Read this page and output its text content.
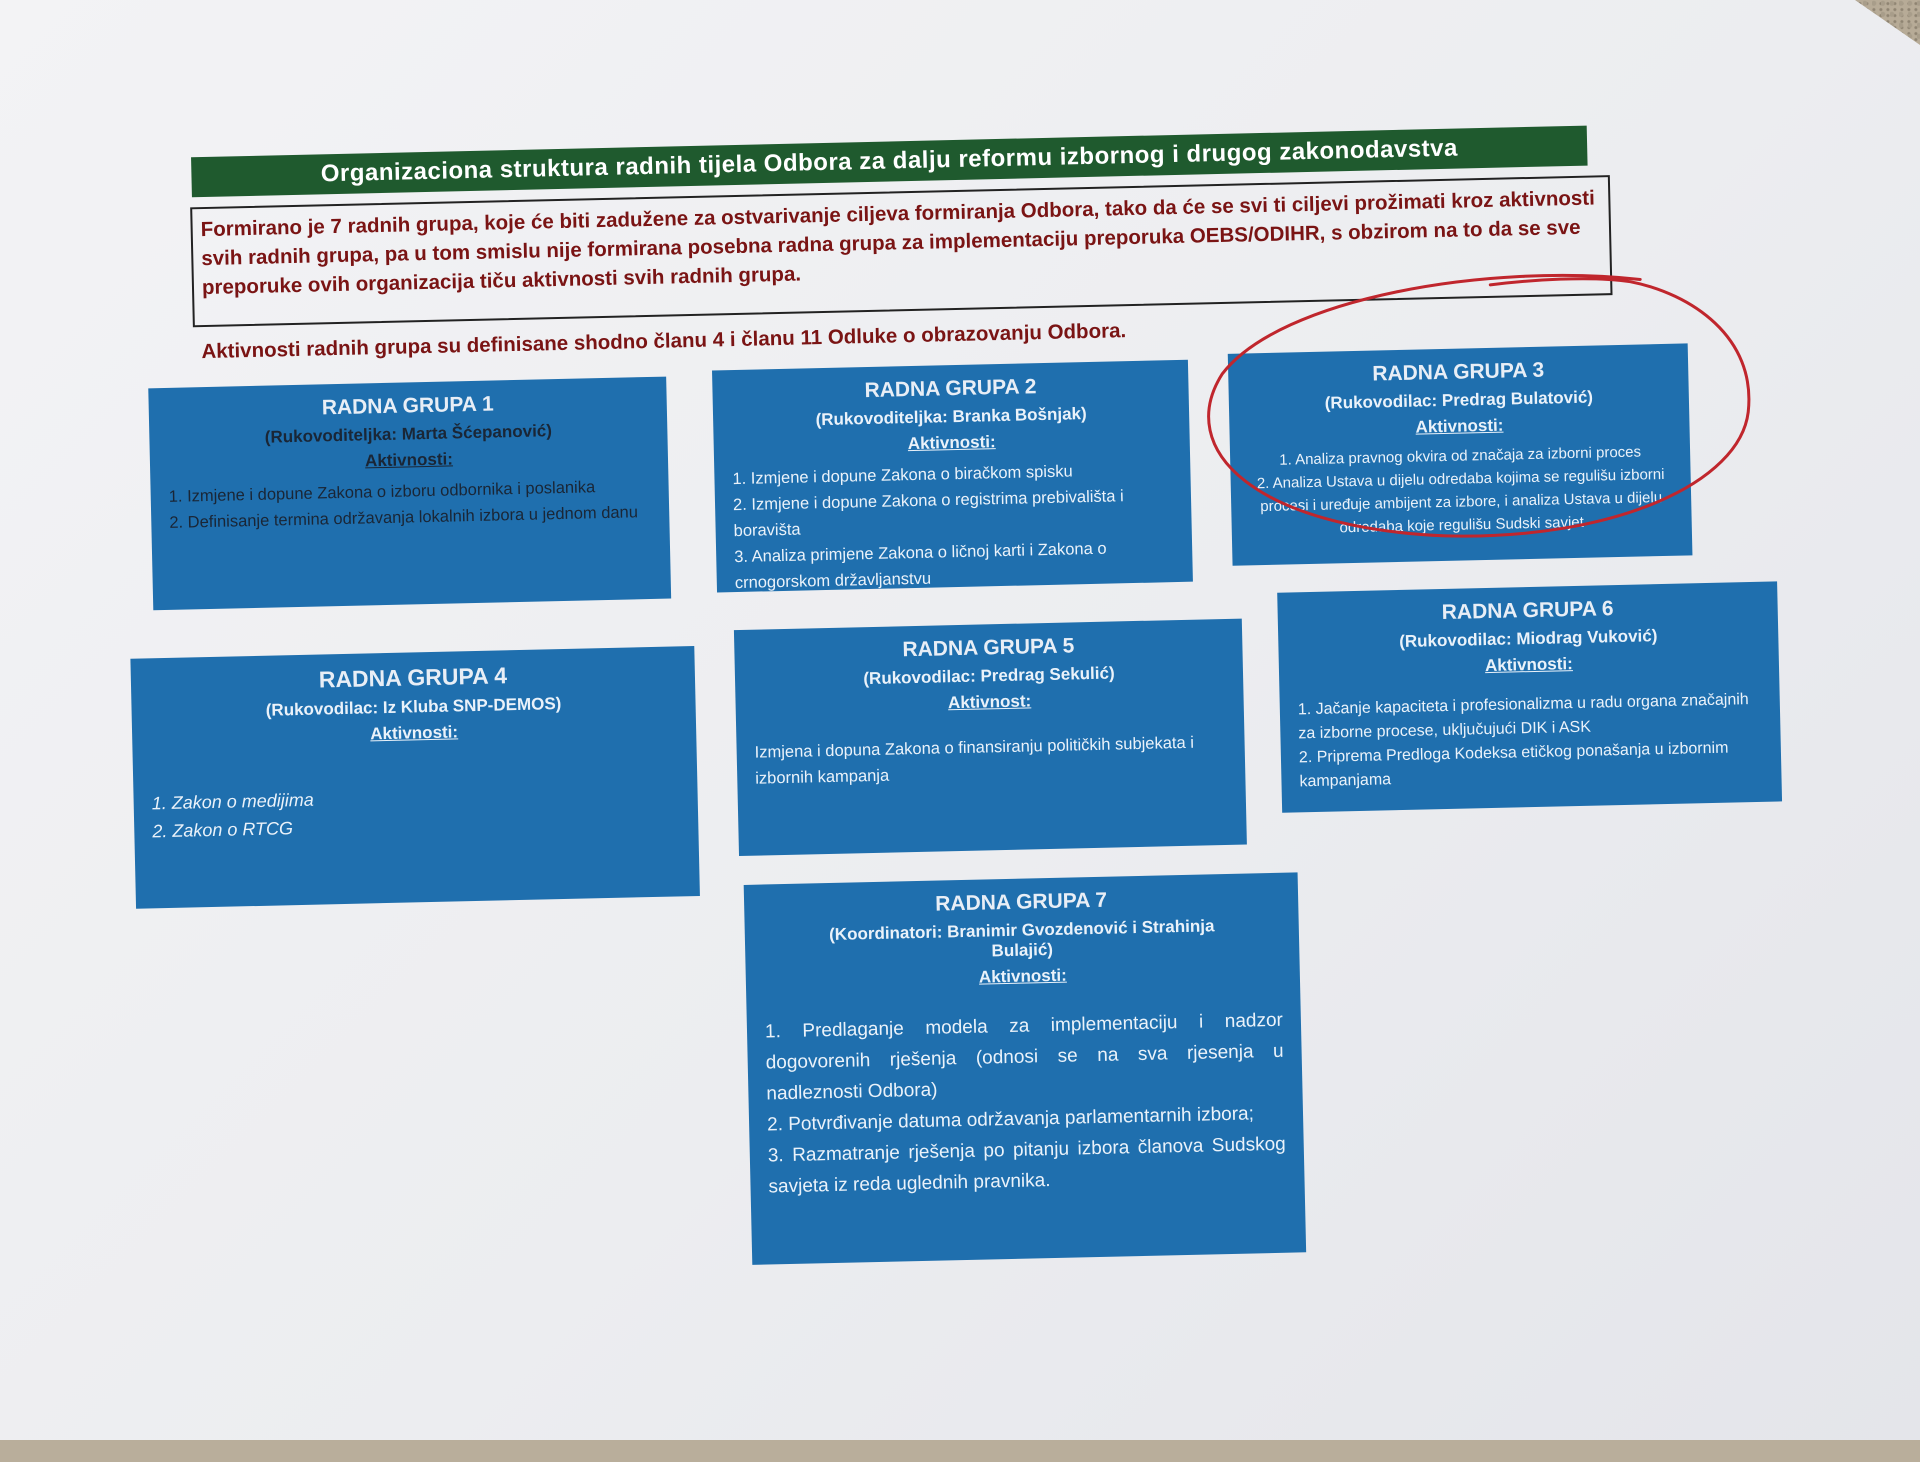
Organizaciona struktura radnih tijela Odbora za dalju reformu izbornog i drugog zakonodavstva

Formirano je 7 radnih grupa, koje će biti zadužene za ostvarivanje ciljeva formiranja Odbora, tako da će se svi ti ciljevi prožimati kroz aktivnosti svih radnih grupa, pa u tom smislu nije formirana posebna radna grupa za implementaciju preporuka OEBS/ODIHR, s obzirom na to da se sve preporuke ovih organizacija tiču aktivnosti svih radnih grupa.

Aktivnosti radnih grupa su definisane shodno članu 4 i članu 11 Odluke o obrazovanju Odbora.

RADNA GRUPA 1
(Rukovoditeljka: Marta Šćepanović)
Aktivnosti:
1. Izmjene i dopune Zakona o izboru odbornika i poslanika
2. Definisanje termina održavanja lokalnih izbora u jednom danu
RADNA GRUPA 2
(Rukovoditeljka: Branka Bošnjak)
Aktivnosti:
1. Izmjene i dopune Zakona o biračkom spisku
2. Izmjene i dopune Zakona o registrima prebivališta i boravišta
3. Analiza primjene Zakona o ličnoj karti i Zakona o crnogorskom državljanstvu
RADNA GRUPA 3
(Rukovodilac: Predrag Bulatović)
Aktivnosti:
1. Analiza pravnog okvira od značaja za izborni proces
2. Analiza Ustava u dijelu odredaba kojima se regulišu izborni procesi i uređuje ambijent za izbore, i analiza Ustava u dijelu odredaba koje regulišu Sudski savjet
RADNA GRUPA 4
(Rukovodilac: Iz Kluba SNP-DEMOS)
Aktivnosti:
1. Zakon o medijima
2. Zakon o RTCG
RADNA GRUPA 5
(Rukovodilac: Predrag Sekulić)
Aktivnost:
Izmjena i dopuna Zakona o finansiranju političkih subjekata i izbornih kampanja
RADNA GRUPA 6
(Rukovodilac: Miodrag Vuković)
Aktivnosti:
1. Jačanje kapaciteta i profesionalizma u radu organa značajnih za izborne procese, uključujući DIK i ASK
2. Priprema Predloga Kodeksa etičkog ponašanja u izbornim kampanjama
RADNA GRUPA 7
(Koordinatori: Branimir Gvozdenović i Strahinja Bulajić)
Aktivnosti:
1. Predlaganje modela za implementaciju i nadzor dogovorenih rješenja (odnosi se na sva rjesenja u nadleznosti Odbora)
2. Potvrđivanje datuma održavanja parlamentarnih izbora;
3. Razmatranje rješenja po pitanju izbora članova Sudskog savjeta iz reda uglednih pravnika.
